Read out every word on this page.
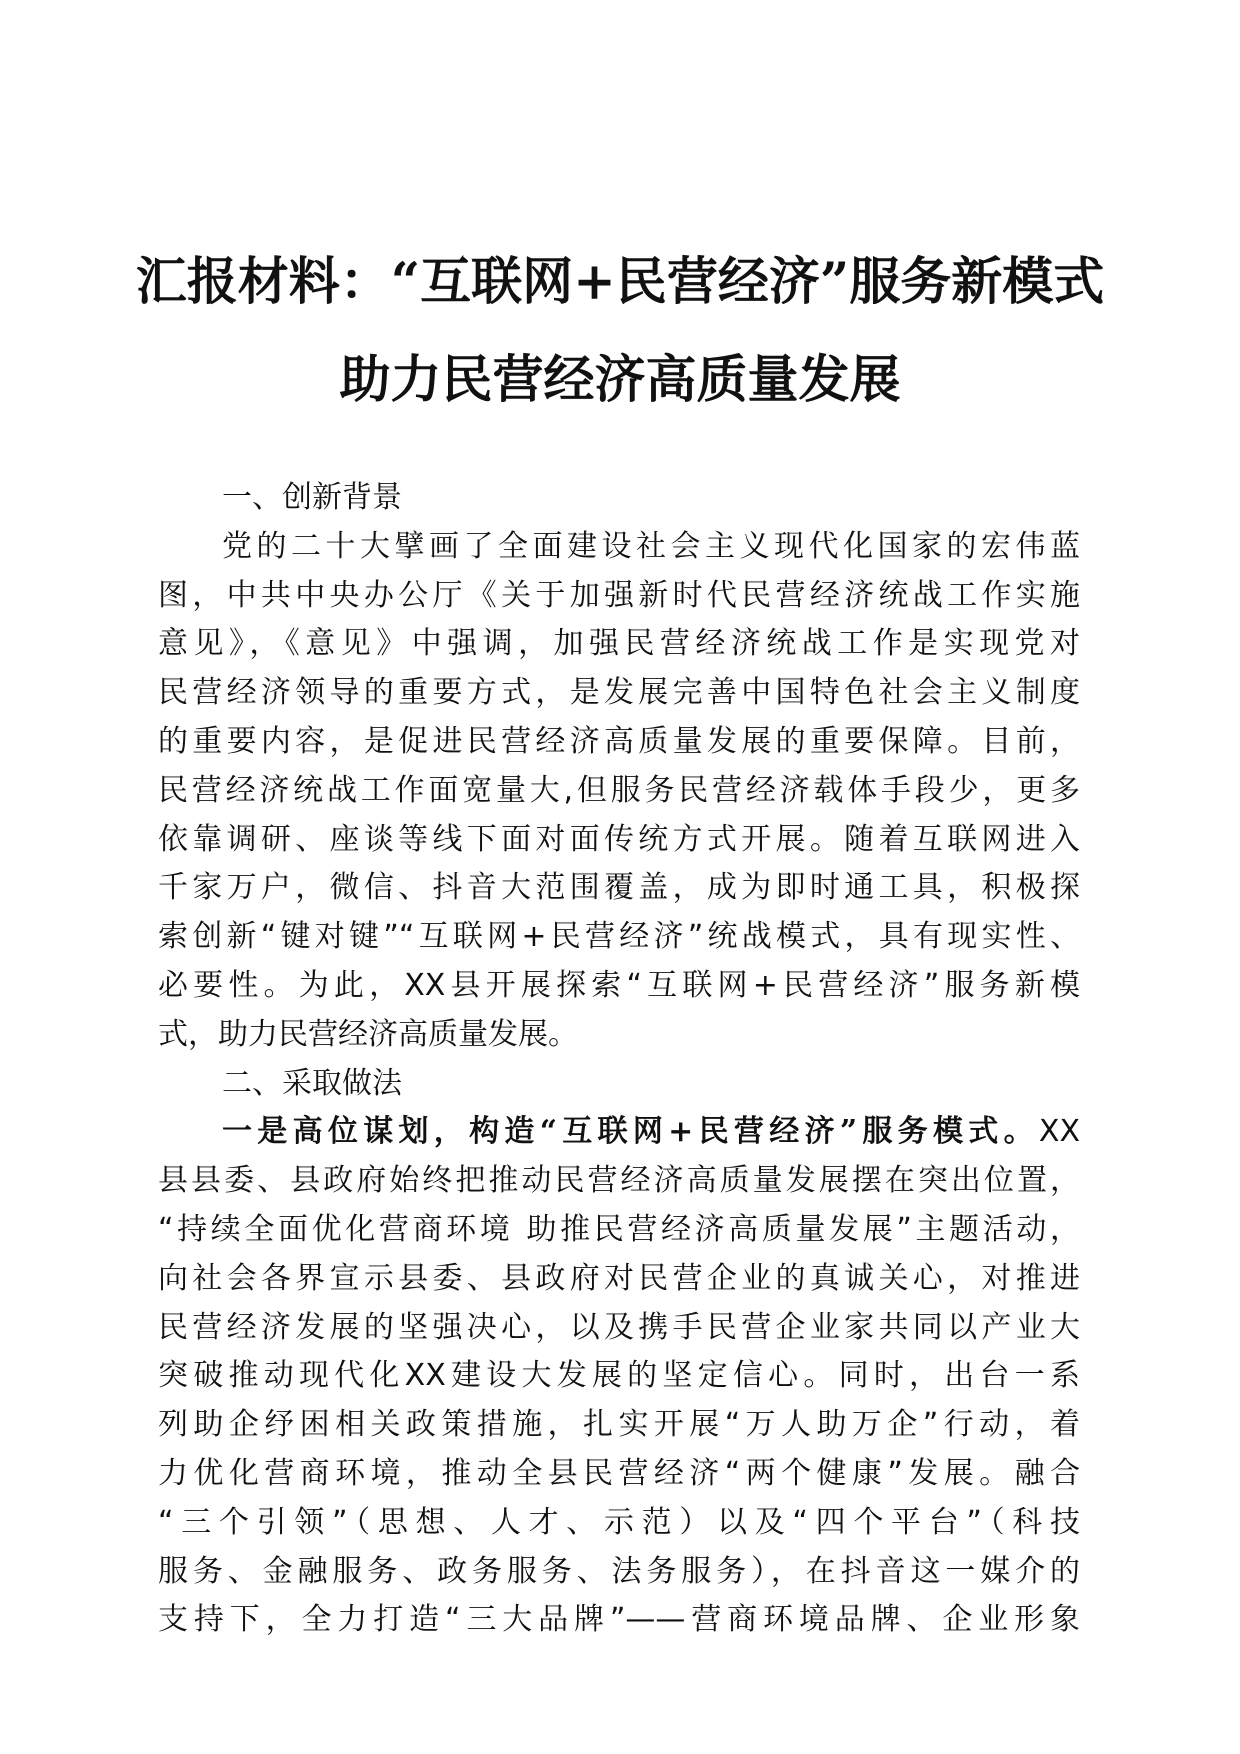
汇报材料：“互联网+民营经济”服务新模式
助力民营经济高质量发展
一、创新背景
党的二十大擘画了全面建设社会主义现代化国家的宏伟蓝
图，中共中央办公厅《关于加强新时代民营经济统战工作实施
意见》，《意见》中强调，加强民营经济统战工作是实现党对
民营经济领导的重要方式，是发展完善中国特色社会主义制度
的重要内容，是促进民营经济高质量发展的重要保障。目前，
民营经济统战工作面宽量大,但服务民营经济载体手段少，更多
依靠调研、座谈等线下面对面传统方式开展。随着互联网进入
千家万户，微信、抖音大范围覆盖，成为即时通工具，积极探
索创新“键对键”“互联网+民营经济”统战模式，具有现实性、
必要性。为此，XX县开展探索“互联网+民营经济”服务新模
式，助力民营经济高质量发展。
二、采取做法
一是高位谋划，构造“互联网+民营经济”服务模式。XX
县县委、县政府始终把推动民营经济高质量发展摆在突出位置，
“持续全面优化营商环境 助推民营经济高质量发展”主题活动，
向社会各界宣示县委、县政府对民营企业的真诚关心，对推进
民营经济发展的坚强决心，以及携手民营企业家共同以产业大
突破推动现代化XX建设大发展的坚定信心。同时，出台一系
列助企纾困相关政策措施，扎实开展“万人助万企”行动，着
力优化营商环境，推动全县民营经济“两个健康”发展。融合
“三个引领”（思想、人才、示范）以及“四个平台”（科技
服务、金融服务、政务服务、法务服务），在抖音这一媒介的
支持下，全力打造“三大品牌”——营商环境品牌、企业形象
